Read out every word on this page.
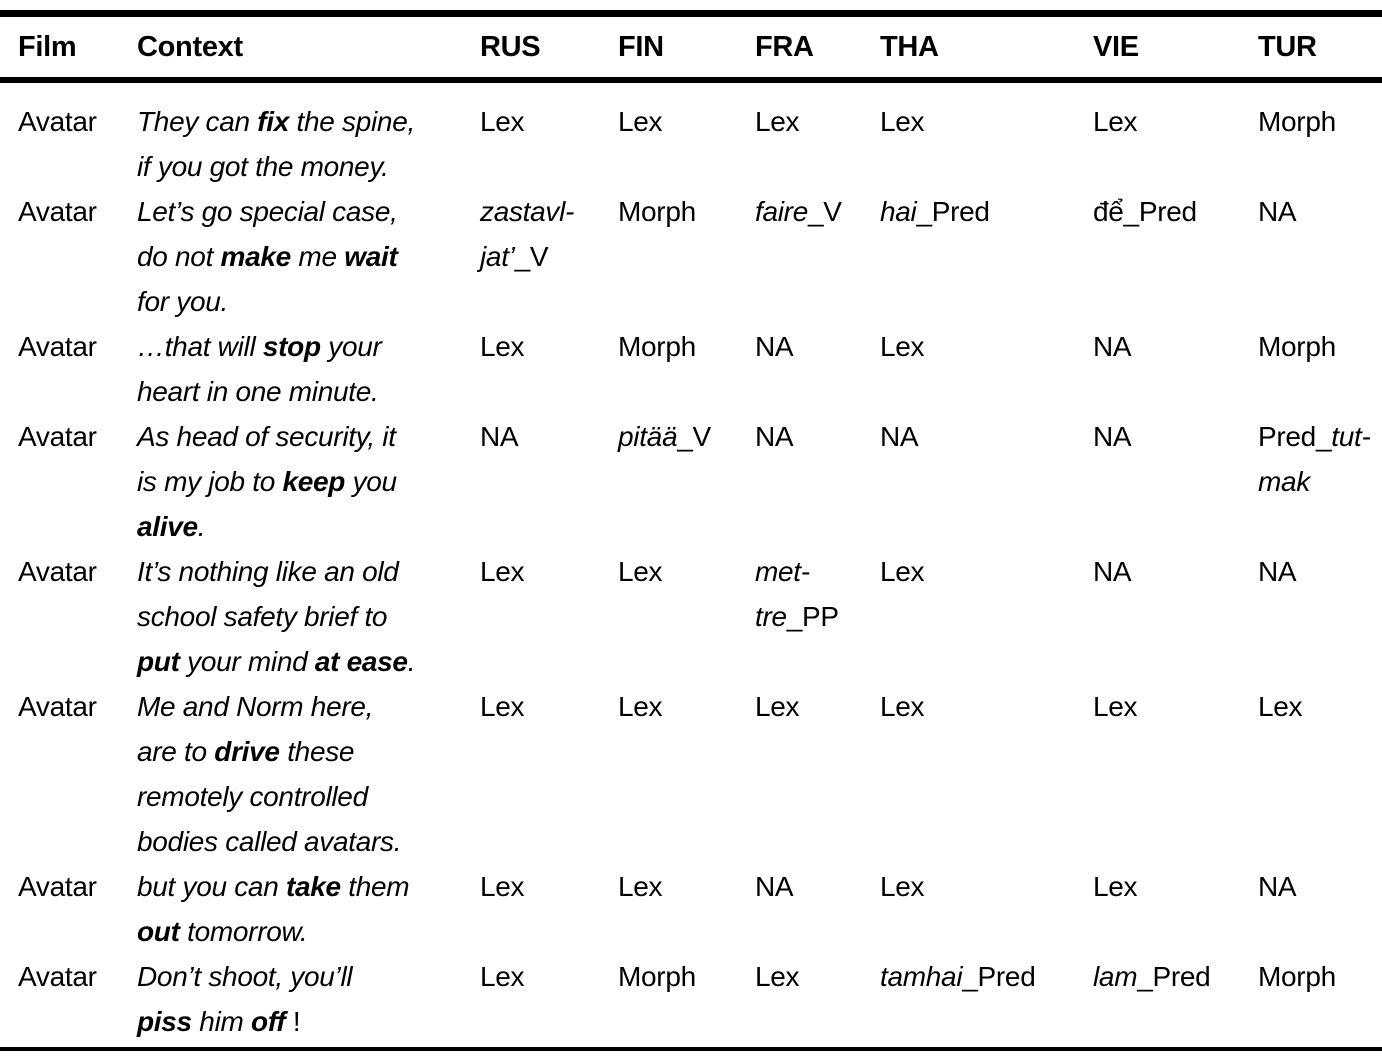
Film	Context	RUS	FIN	FRA	THA	VIE	TUR
Avatar	They can fix the spine,
if you got the money.	Lex	Lex	Lex	Lex	Lex	Morph
Avatar	Let’s go special case,
do not make me wait
for you.	zastavl-
jat’_V	Morph	faire_V	hai_Pred	để_Pred	NA
Avatar	…that will stop your
heart in one minute.	Lex	Morph	NA	Lex	NA	Morph
Avatar	As head of security, it
is my job to keep you
alive.	NA	pitää_V	NA	NA	NA	Pred_tut-
mak
Avatar	It’s nothing like an old
school safety brief to
put your mind at ease.	Lex	Lex	met-
tre_PP	Lex	NA	NA
Avatar	Me and Norm here,
are to drive these
remotely controlled
bodies called avatars.	Lex	Lex	Lex	Lex	Lex	Lex
Avatar	but you can take them
out tomorrow.	Lex	Lex	NA	Lex	Lex	NA
Avatar	Don’t shoot, you’ll
piss him off !	Lex	Morph	Lex	tamhai_Pred	lam_Pred	Morph
